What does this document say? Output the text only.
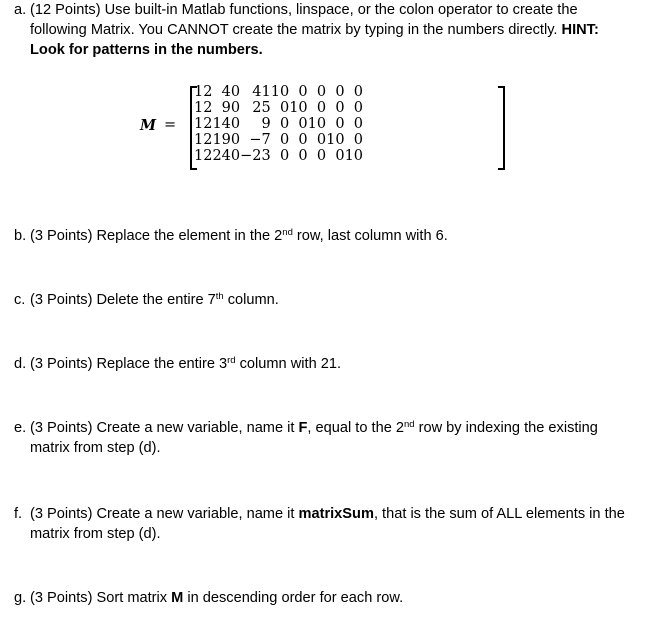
a. (12 Points) Use built-in Matlab functions, linspace, or the colon operator to create the following Matrix. You CANNOT create the matrix by typing in the numbers directly. HINT: Look for patterns in the numbers.
M =
12	4	0	41	10	0	0	0	0
12	9	0	25	0	10	0	0	0
12	14	0	9	0	0	10	0	0
12	19	0	−7	0	0	0	10	0
12	24	0	−23	0	0	0	0	10
b. (3 Points) Replace the element in the 2nd row, last column with 6.
c. (3 Points) Delete the entire 7th column.
d. (3 Points) Replace the entire 3rd column with 21.
e. (3 Points) Create a new variable, name it F, equal to the 2nd row by indexing the existing matrix from step (d).
f. (3 Points) Create a new variable, name it matrixSum, that is the sum of ALL elements in the matrix from step (d).
g. (3 Points) Sort matrix M in descending order for each row.
